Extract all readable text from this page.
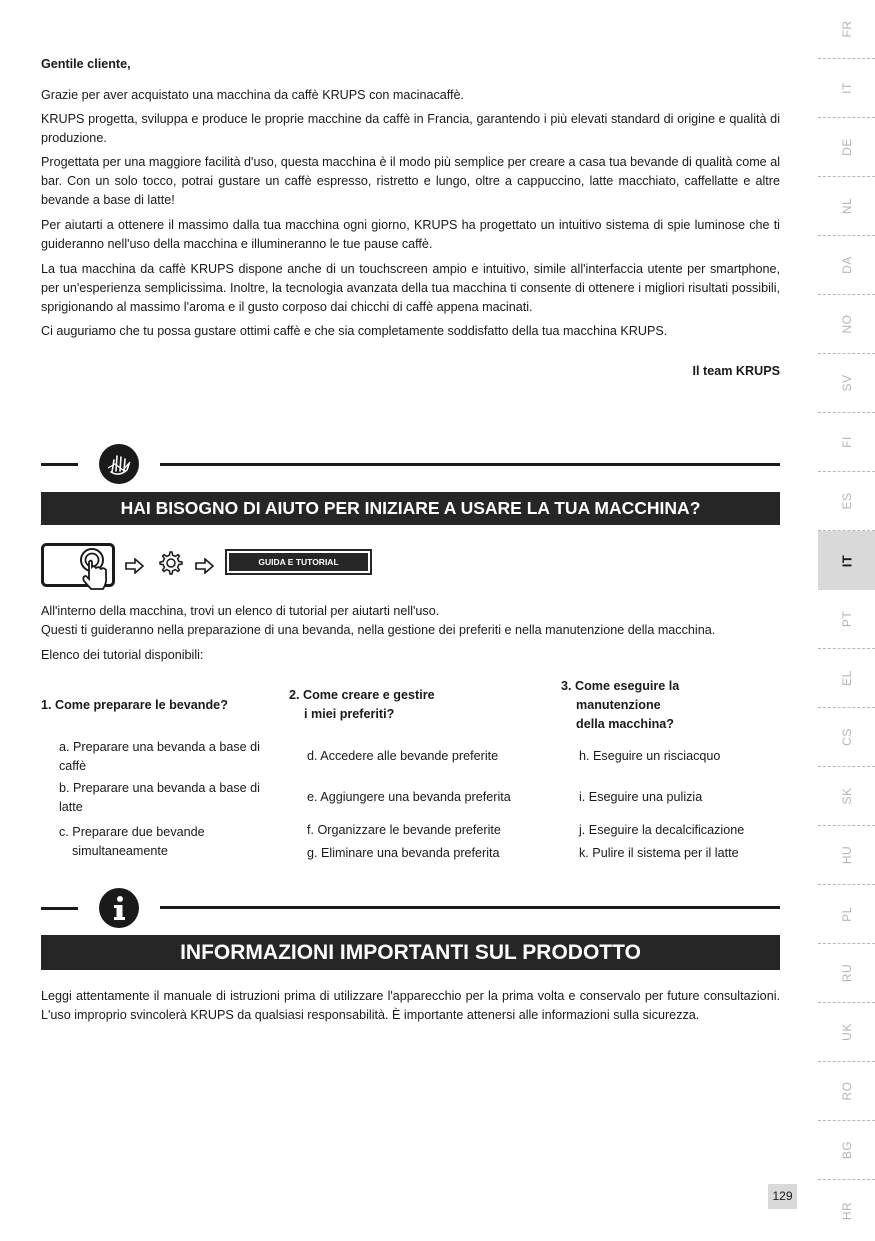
FR
IT
DE
NL
DA
NO
SV
FI
ES
IT
PT
EL
CS
SK
HU
PL
RU
UK
RO
BG
HR

Gentile cliente,

Grazie per aver acquistato una macchina da caffè KRUPS con macinacaffè.

KRUPS progetta, sviluppa e produce le proprie macchine da caffè in Francia, garantendo i più elevati standard di origine e qualità di produzione.

Progettata per una maggiore facilità d'uso, questa macchina è il modo più semplice per creare a casa tua bevande di qualità come al bar. Con un solo tocco, potrai gustare un caffè espresso, ristretto e lungo, oltre a cappuccino, latte macchiato, caffellatte e altre bevande a base di latte!

Per aiutarti a ottenere il massimo dalla tua macchina ogni giorno, KRUPS ha progettato un intuitivo sistema di spie luminose che ti guideranno nell'uso della macchina e illumineranno le tue pause caffè.

La tua macchina da caffè KRUPS dispone anche di un touchscreen ampio e intuitivo, simile all'interfaccia utente per smartphone, per un'esperienza semplicissima. Inoltre, la tecnologia avanzata della tua macchina ti consente di ottenere i migliori risultati possibili, sprigionando al massimo l'aroma e il gusto corposo dai chicchi di caffè appena macinati.

Ci auguriamo che tu possa gustare ottimi caffè e che sia completamente soddisfatto della tua macchina KRUPS.

Il team KRUPS

HAI BISOGNO DI AIUTO PER INIZIARE A USARE LA TUA MACCHINA?
GUIDA E TUTORIAL

All'interno della macchina, trovi un elenco di tutorial per aiutarti nell'uso.

Questi ti guideranno nella preparazione di una bevanda, nella gestione dei preferiti e nella manutenzione della macchina.

Elenco dei tutorial disponibili:

1. Come preparare le bevande?
a. Preparare una bevanda a base di
caffè
b. Preparare una bevanda a base di
latte
c. Preparare due bevande
simultaneamente
2. Come creare e gestire
i miei preferiti?
d. Accedere alle bevande preferite
e. Aggiungere una bevanda preferita
f. Organizzare le bevande preferite
g. Eliminare una bevanda preferita
3. Come eseguire la
manutenzione
della macchina?
h. Eseguire un risciacquo
i. Eseguire una pulizia
j. Eseguire la decalcificazione
k. Pulire il sistema per il latte
INFORMAZIONI IMPORTANTI SUL PRODOTTO

Leggi attentamente il manuale di istruzioni prima di utilizzare l'apparecchio per la prima volta e conservalo per future consultazioni. L'uso improprio svincolerà KRUPS da qualsiasi responsabilità. È importante attenersi alle informazioni sulla sicurezza.

129
